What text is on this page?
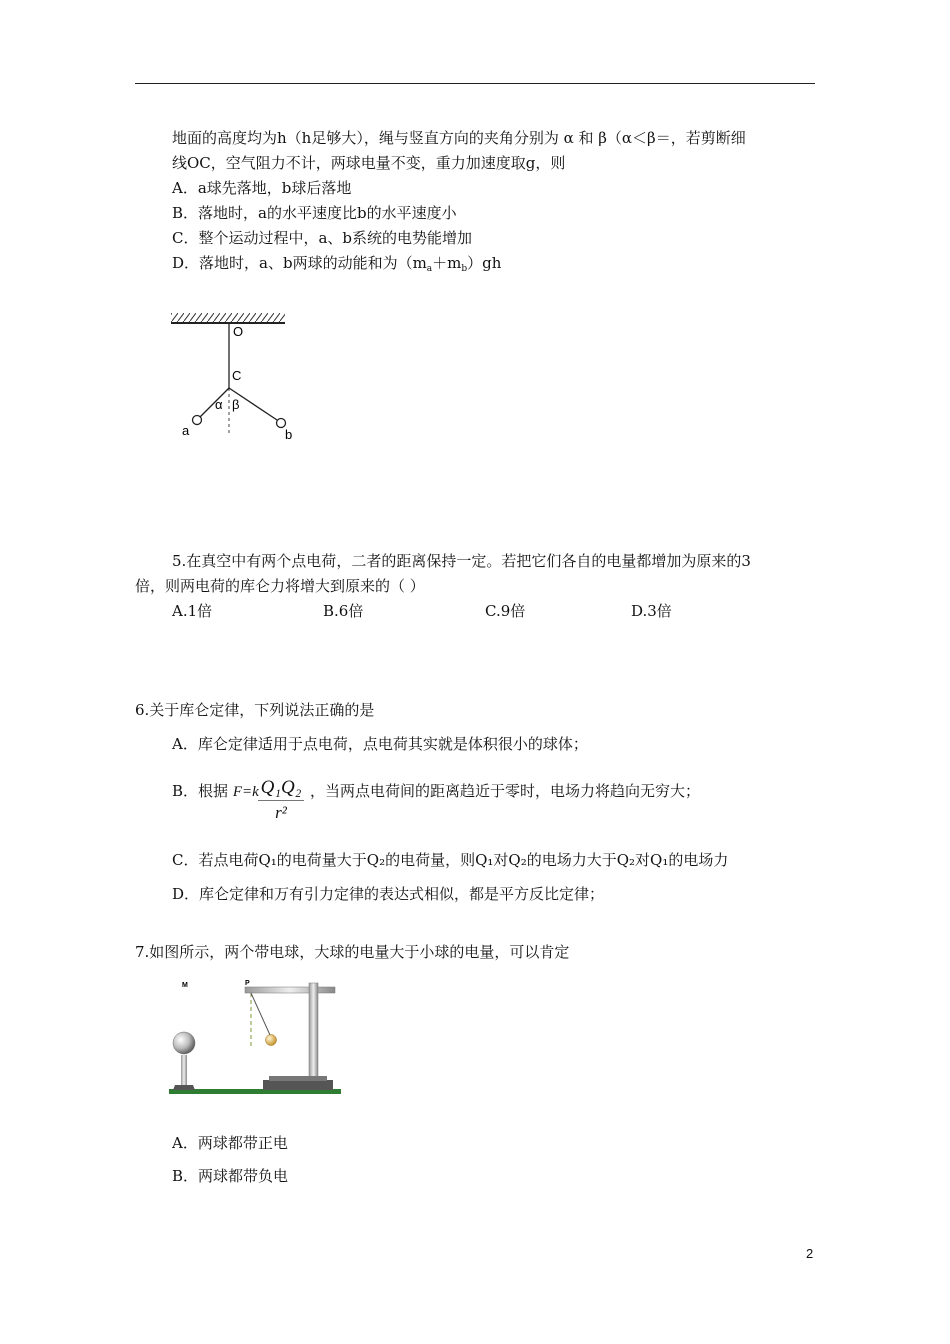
地面的高度均为h（h足够大），绳与竖直方向的夹角分别为 α 和 β（α＜β＝，若剪断细
线OC，空气阻力不计，两球电量不变，重力加速度取g，则
A．a球先落地，b球后落地
B．落地时，a的水平速度比b的水平速度小
C．整个运动过程中，a、b系统的电势能增加
D．落地时，a、b两球的动能和为$(m_a+m_b)gh$
O
C
α β
a	b
5.在真空中有两个点电荷，二者的距离保持一定。若把它们各自的电量都增加为原来的3
倍，则两电荷的库仑力将增大到原来的（ ）
A.1倍	B.6倍	C.9倍	D.3倍
6.关于库仑定律，下列说法正确的是
A．库仑定律适用于点电荷，点电荷其实就是体积很小的球体；
B．根据 $F=k \frac{\text{Q₁Q₂}}{\text{r²}}$ ，当两点电荷间的距离趋近于零时，电场力将趋向无穷大；
C．若点电荷Q₁的电荷量大于Q₂的电荷量，则Q₁对Q₂的电场力大于Q₂对Q₁的电场力
D．库仑定律和万有引力定律的表达式相似，都是平方反比定律；
7.如图所示，两个带电球，大球的电量大于小球的电量，可以肯定
M	P
A．两球都带正电
B．两球都带负电
2
